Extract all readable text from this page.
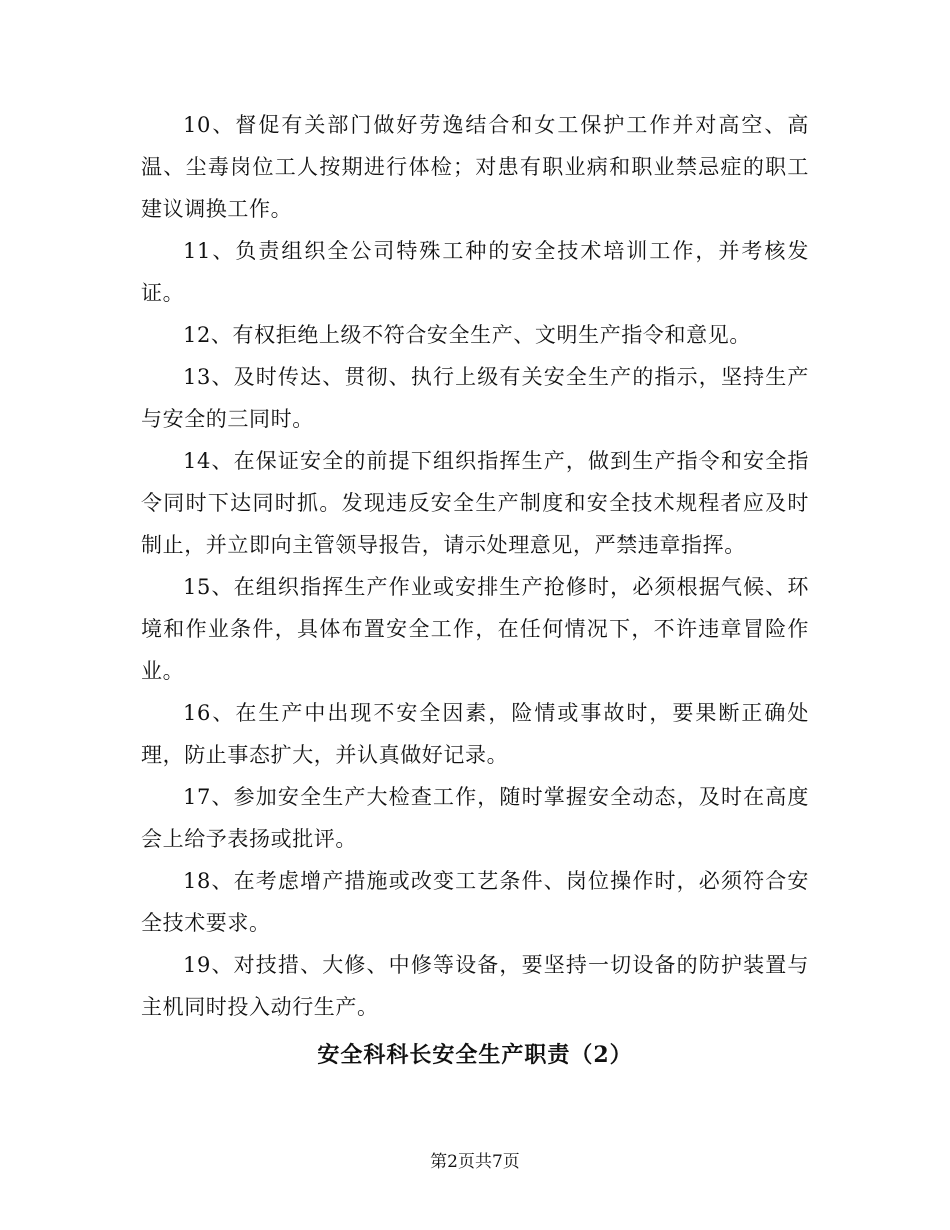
10、督促有关部门做好劳逸结合和女工保护工作并对高空、高温、尘毒岗位工人按期进行体检；对患有职业病和职业禁忌症的职工建议调换工作。

11、负责组织全公司特殊工种的安全技术培训工作，并考核发证。

12、有权拒绝上级不符合安全生产、文明生产指令和意见。

13、及时传达、贯彻、执行上级有关安全生产的指示，坚持生产与安全的三同时。

14、在保证安全的前提下组织指挥生产，做到生产指令和安全指令同时下达同时抓。发现违反安全生产制度和安全技术规程者应及时制止，并立即向主管领导报告，请示处理意见，严禁违章指挥。

15、在组织指挥生产作业或安排生产抢修时，必须根据气候、环境和作业条件，具体布置安全工作，在任何情况下，不许违章冒险作业。

16、在生产中出现不安全因素，险情或事故时，要果断正确处理，防止事态扩大，并认真做好记录。

17、参加安全生产大检查工作，随时掌握安全动态，及时在高度会上给予表扬或批评。

18、在考虑增产措施或改变工艺条件、岗位操作时，必须符合安全技术要求。

19、对技措、大修、中修等设备，要坚持一切设备的防护装置与主机同时投入动行生产。

安全科科长安全生产职责（2）
第2页共7页
